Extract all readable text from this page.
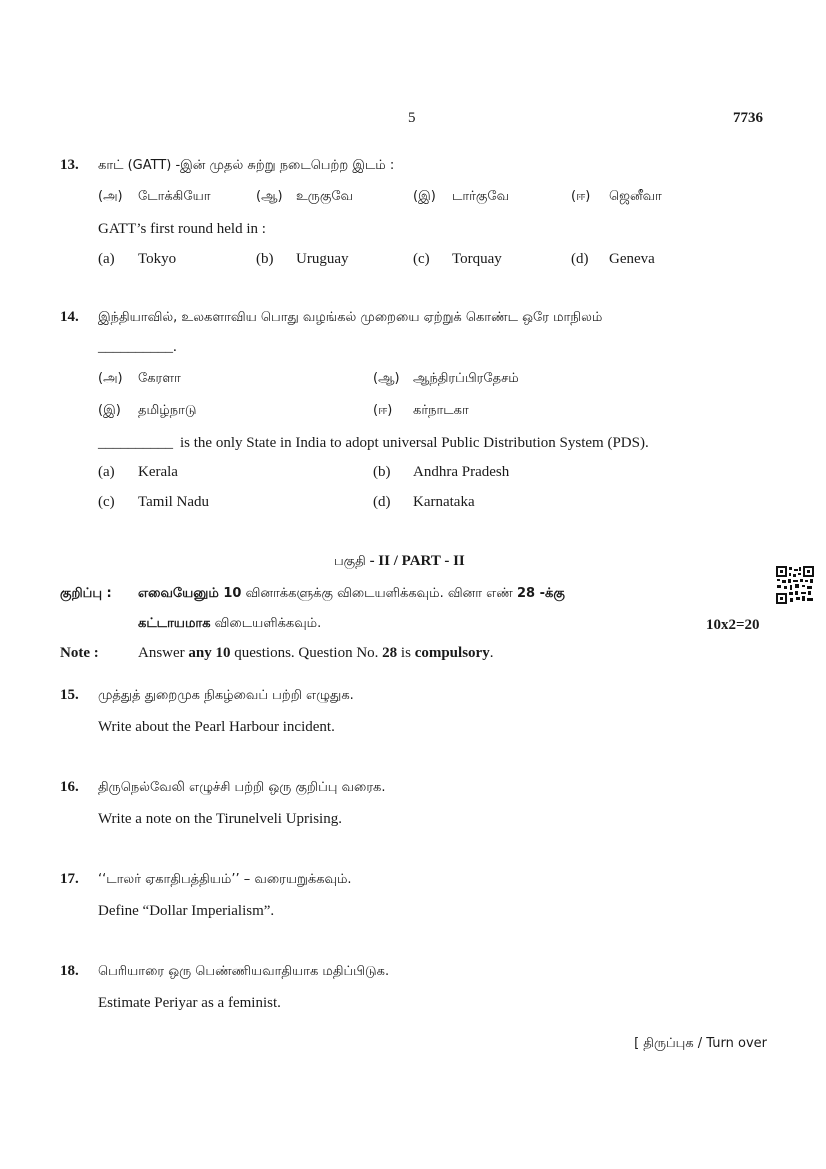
5	7736
13. காட் (GATT) -இன் முதல் சுற்று நடைபெற்ற இடம் :
(அ) டோக்கியோ	(ஆ) உருகுவே	(இ) டார்குவே	(ஈ) ஜெனீவா
GATT’s first round held in :
(a) Tokyo	(b) Uruguay	(c) Torquay	(d) Geneva
14. இந்தியாவில், உலகளாவிய பொது வழங்கல் முறையை ஏற்றுக் கொண்ட ஒரே மாநிலம்
__________.
(அ) கேரளா	(ஆ) ஆந்திரப்பிரதேசம்
(இ) தமிழ்நாடு	(ஈ) கர்நாடகா
__________ is the only State in India to adopt universal Public Distribution System (PDS).
(a) Kerala	(b) Andhra Pradesh
(c) Tamil Nadu	(d) Karnataka
பகுதி - II / PART - II
குறிப்பு : எவையேனும் 10 வினாக்களுக்கு விடையளிக்கவும். வினா எண் 28 -க்கு
கட்டாயமாக விடையளிக்கவும்.	10x2=20
Note :	Answer any 10 questions. Question No. 28 is compulsory.
15. முத்துத் துறைமுக நிகழ்வைப் பற்றி எழுதுக.
Write about the Pearl Harbour incident.
16. திருநெல்வேலி எழுச்சி பற்றி ஒரு குறிப்பு வரைக.
Write a note on the Tirunelveli Uprising.
17. ‘‘டாலர் ஏகாதிபத்தியம்’’ – வரையறுக்கவும்.
Define “Dollar Imperialism”.
18. பெரியாரை ஒரு பெண்ணியவாதியாக மதிப்பிடுக.
Estimate Periyar as a feminist.
[ திருப்புக / Turn over
